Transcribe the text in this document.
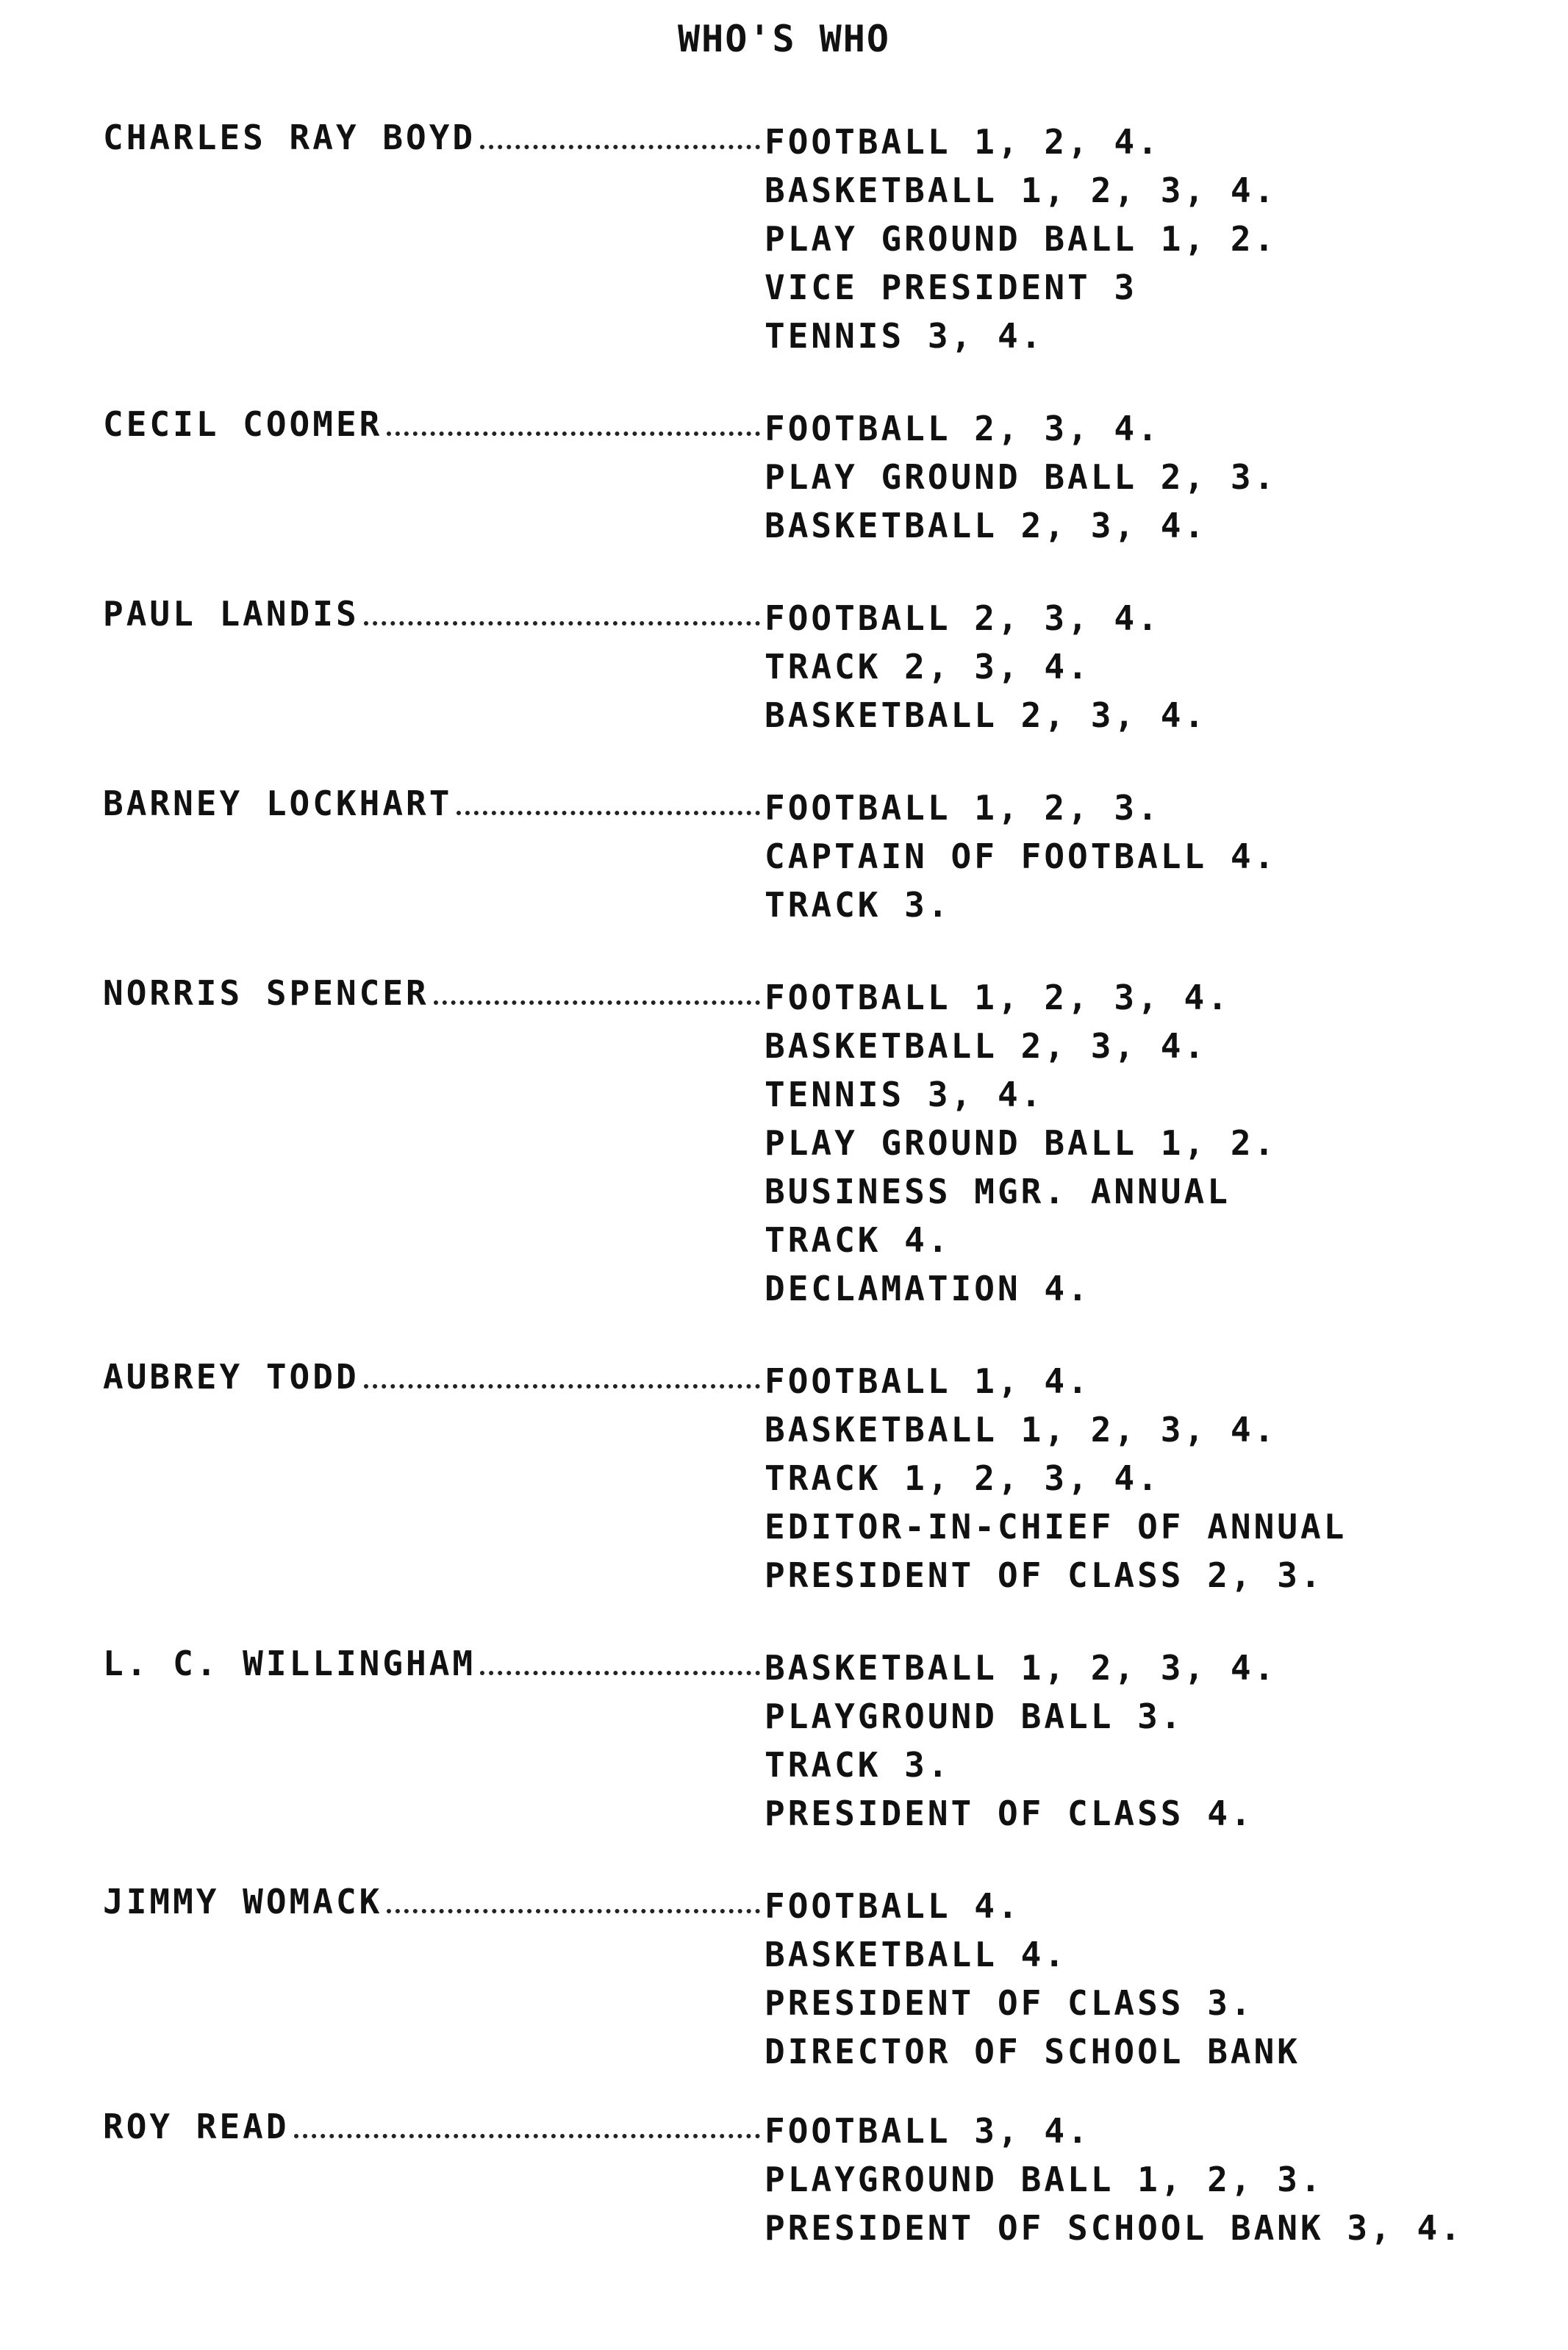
WHO'S WHO
CHARLES RAY BOYD	FOOTBALL 1, 2, 4.
BASKETBALL 1, 2, 3, 4.
PLAY GROUND BALL 1, 2.
VICE PRESIDENT 3
TENNIS 3, 4.
CECIL COOMER	FOOTBALL 2, 3, 4.
PLAY GROUND BALL 2, 3.
BASKETBALL 2, 3, 4.
PAUL LANDIS	FOOTBALL 2, 3, 4.
TRACK 2, 3, 4.
BASKETBALL 2, 3, 4.
BARNEY LOCKHART	FOOTBALL 1, 2, 3.
CAPTAIN OF FOOTBALL 4.
TRACK 3.
NORRIS SPENCER	FOOTBALL 1, 2, 3, 4.
BASKETBALL 2, 3, 4.
TENNIS 3, 4.
PLAY GROUND BALL 1, 2.
BUSINESS MGR. ANNUAL
TRACK 4.
DECLAMATION 4.
AUBREY TODD	FOOTBALL 1, 4.
BASKETBALL 1, 2, 3, 4.
TRACK 1, 2, 3, 4.
EDITOR-IN-CHIEF OF ANNUAL
PRESIDENT OF CLASS 2, 3.
L. C. WILLINGHAM	BASKETBALL 1, 2, 3, 4.
PLAYGROUND BALL 3.
TRACK 3.
PRESIDENT OF CLASS 4.
JIMMY WOMACK	FOOTBALL 4.
BASKETBALL 4.
PRESIDENT OF CLASS 3.
DIRECTOR OF SCHOOL BANK
ROY READ	FOOTBALL 3, 4.
PLAYGROUND BALL 1, 2, 3.
PRESIDENT OF SCHOOL BANK 3, 4.
